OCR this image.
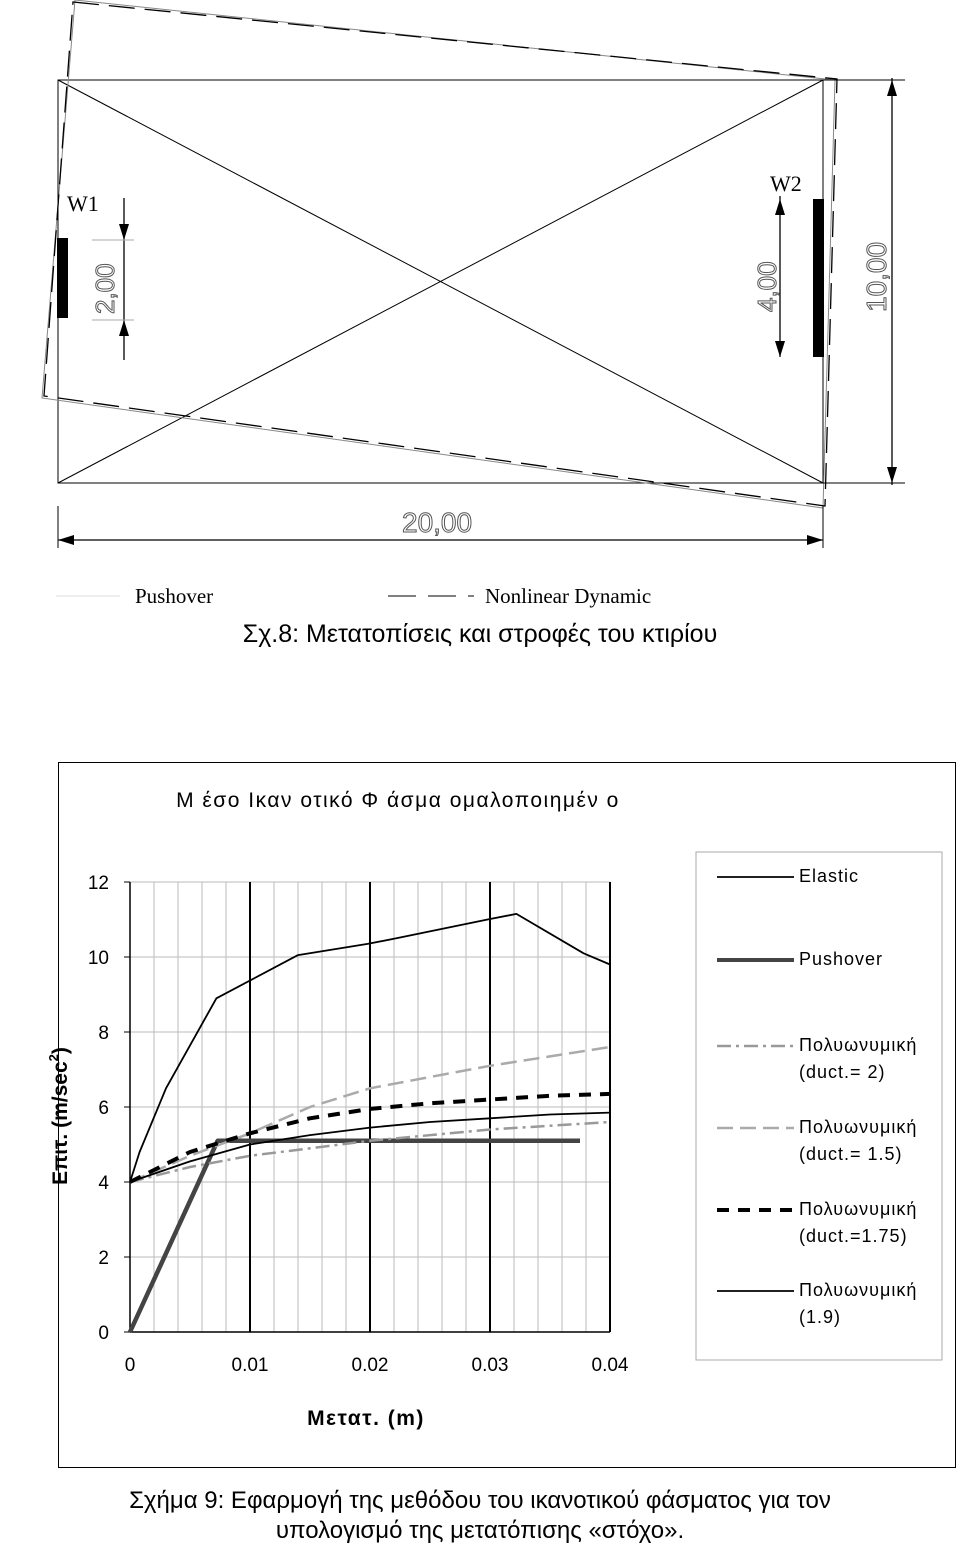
W1
2,00
W2
4,00	10,00
20,00
Pushover	Nonlinear Dynamic
Σχ.8: Μετατοπίσεις και στροφές του κτιρίου
Μ έσο Ικαν οτικό Φ άσμα ομαλοποιημέν ο
0
2
4
6
8
10
12
0	0.01	0.02	0.03	0.04
Μετατ. (m)
Επιτ. $(m/\sec^2)$
Elastic
Pushover
Πολυωνυμική
(duct.= 2)
Πολυωνυμική
(duct.= 1.5)
Πολυωνυμική
(duct.=1.75)
Πολυωνυμική
(1.9)
Σχήμα 9: Εφαρμογή της μεθόδου του ικανοτικού φάσματος για τον
υπολογισμό της μετατόπισης «στόχο».
